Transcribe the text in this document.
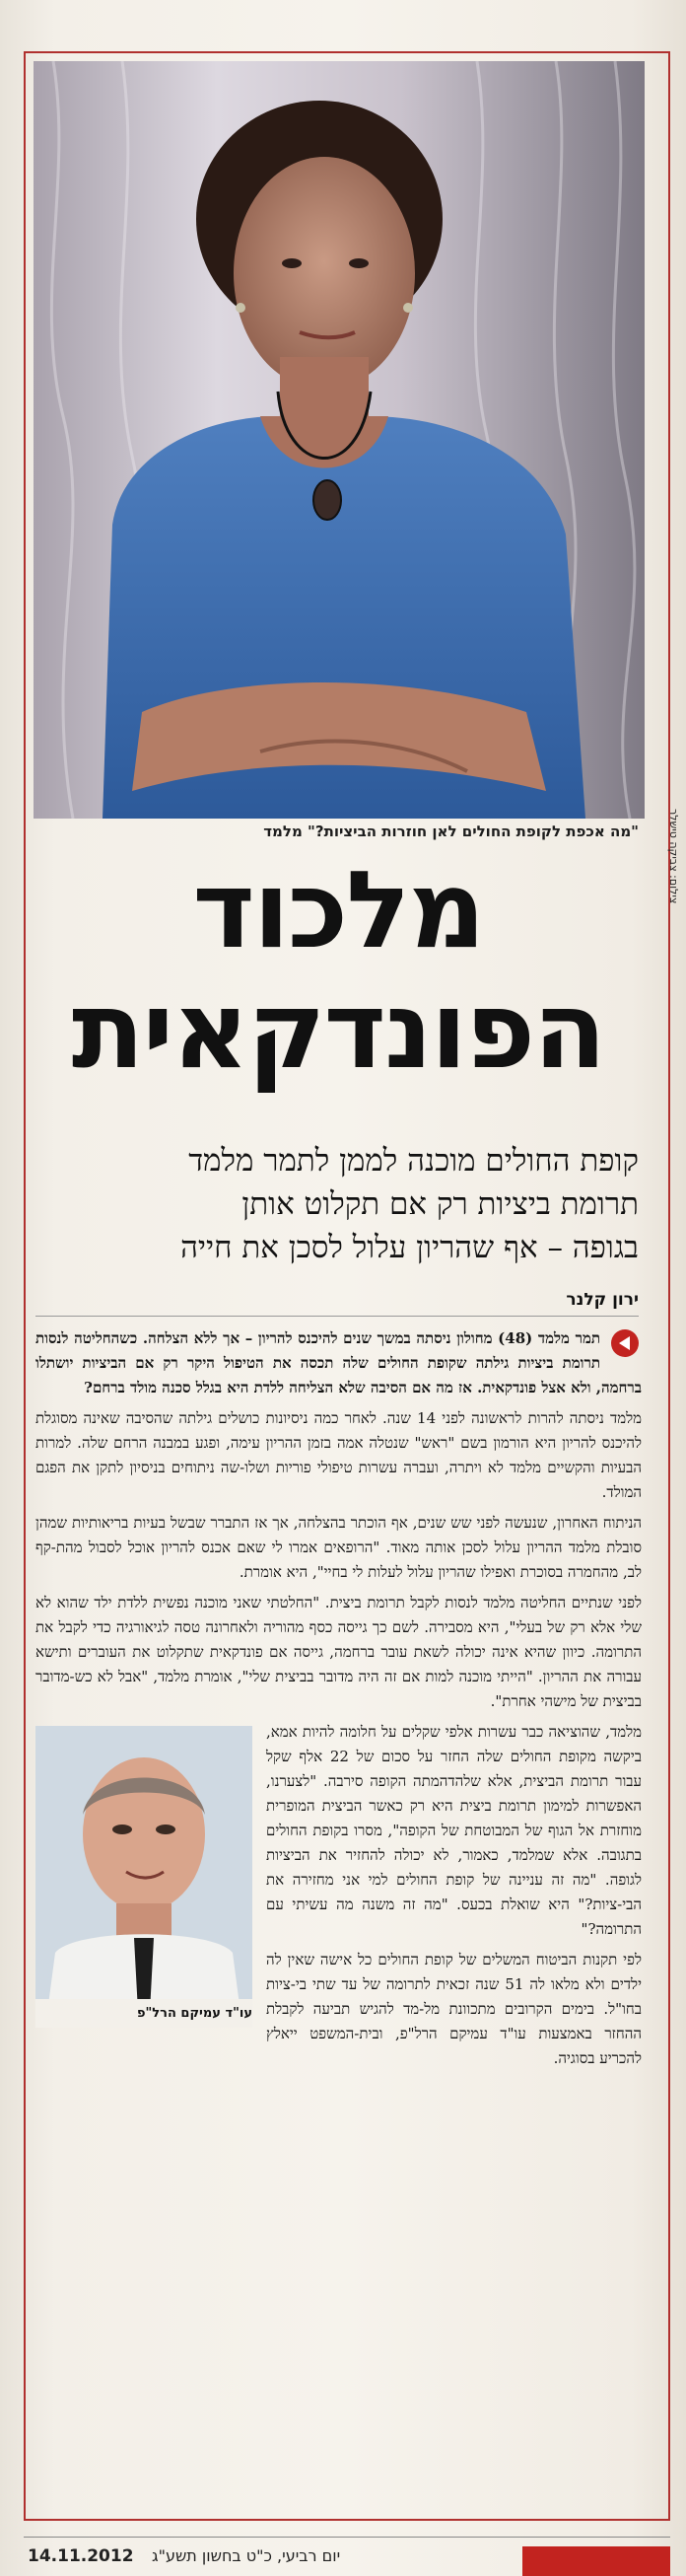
צילום: צביקה טישלר
"מה אכפת לקופת החולים לאן חוזרות הביציות?" מלמד
מלכוד
הפונדקאית
קופת החולים מוכנה לממן לתמר מלמד
תרומת ביציות רק אם תקלוט אותן
בגופה – אף שהריון עלול לסכן את חייה
ירון קלנר

תמר מלמד (48) מחולון ניסתה במשך שנים להיכנס להריון – אך ללא הצלחה. כשהחליטה לנסות תרומת ביציות גילתה שקופת החולים שלה תכסה את הטיפול היקר רק אם הביציות יושתלו ברחמה, ולא אצל פונדקאית. אז מה אם הסיבה שלא הצליחה ללדת היא בגלל סכנה מולד ברחם?

מלמד ניסתה להרות לראשונה לפני 14 שנה. לאחר כמה ניסיונות כושלים גילתה שהסיבה שאינה מסוגלת להיכנס להריון היא הורמון בשם "ראש" שנטלה אמה בזמן ההריון עימה, ופגע במבנה הרחם שלה. למרות הבעיות והקשיים מלמד לא ויתרה, ועברה עשרות טיפולי פוריות ושלו-שה ניתוחים בניסיון לתקן את הפגם המולד.

הניתוח האחרון, שנעשה לפני שש שנים, אף הוכתר בהצלחה, אך אז התברר שבשל בעיות בריאותיות שמהן סובלת מלמד ההריון עלול לסכן אותה מאוד. "הרופאים אמרו לי שאם אכנס להריון אוכל לסבול מהת-קף לב, מהחמרה בסוכרת ואפילו שהריון עלול לעלות לי בחיי", היא אומרת.

לפני שנתיים החליטה מלמד לנסות לקבל תרומת ביצית. "החלטתי שאני מוכנה נפשית ללדת ילד שהוא לא שלי אלא רק של בעלי", היא מסבירה. לשם כך גייסה כסף מהוריה ולאחרונה טסה לגיאורגיה כדי לקבל את התרומה. כיוון שהיא אינה יכולה לשאת עובר ברחמה, גייסה אם פונדקאית שתקלוט את העוברים ותישא עבורה את ההריון. "הייתי מוכנה למות אם זה היה מדובר בביצית שלי", אומרת מלמד, "אבל לא כש-מדובר בביצית של מישהי אחרת".

עו"ד עמיקם הרל"פ

מלמד, שהוציאה כבר עשרות אלפי שקלים על חלומה להיות אמא, ביקשה מקופת החולים שלה החזר על סכום של 22 אלף שקל עבור תרומת הביצית, אלא שלהדהמתה הקופה סירבה. "לצערנו, האפשרות למימון תרומת ביצית היא רק כאשר הביצית המופרית מוחזרת אל הגוף של המבוטחת של הקופה", מסרו בקופת החולים בתגובה. אלא שמלמד, כאמור, לא יכולה להחזיר את הביציות לגופה. "מה זה עניינה של קופת החולים למי אני מחזירה את הבי-ציות?" היא שואלת בכעס. "מה זה משנה מה עשיתי עם התרומה?"

לפי תקנות הביטוח המשלים של קופת החולים כל אישה שאין לה ילדים ולא מלאו לה 51 שנה זכאית לתרומה של עד שתי בי-ציות בחו"ל. בימים הקרובים מתכוונת מל-מד להגיש תביעה לקבלת ההחזר באמצעות עו"ד עמיקם הרל"פ, ובית-המשפט ייאלץ להכריע בסוגיה.

14.11.2012 יום רביעי, כ"ט בחשון תשע"ג
